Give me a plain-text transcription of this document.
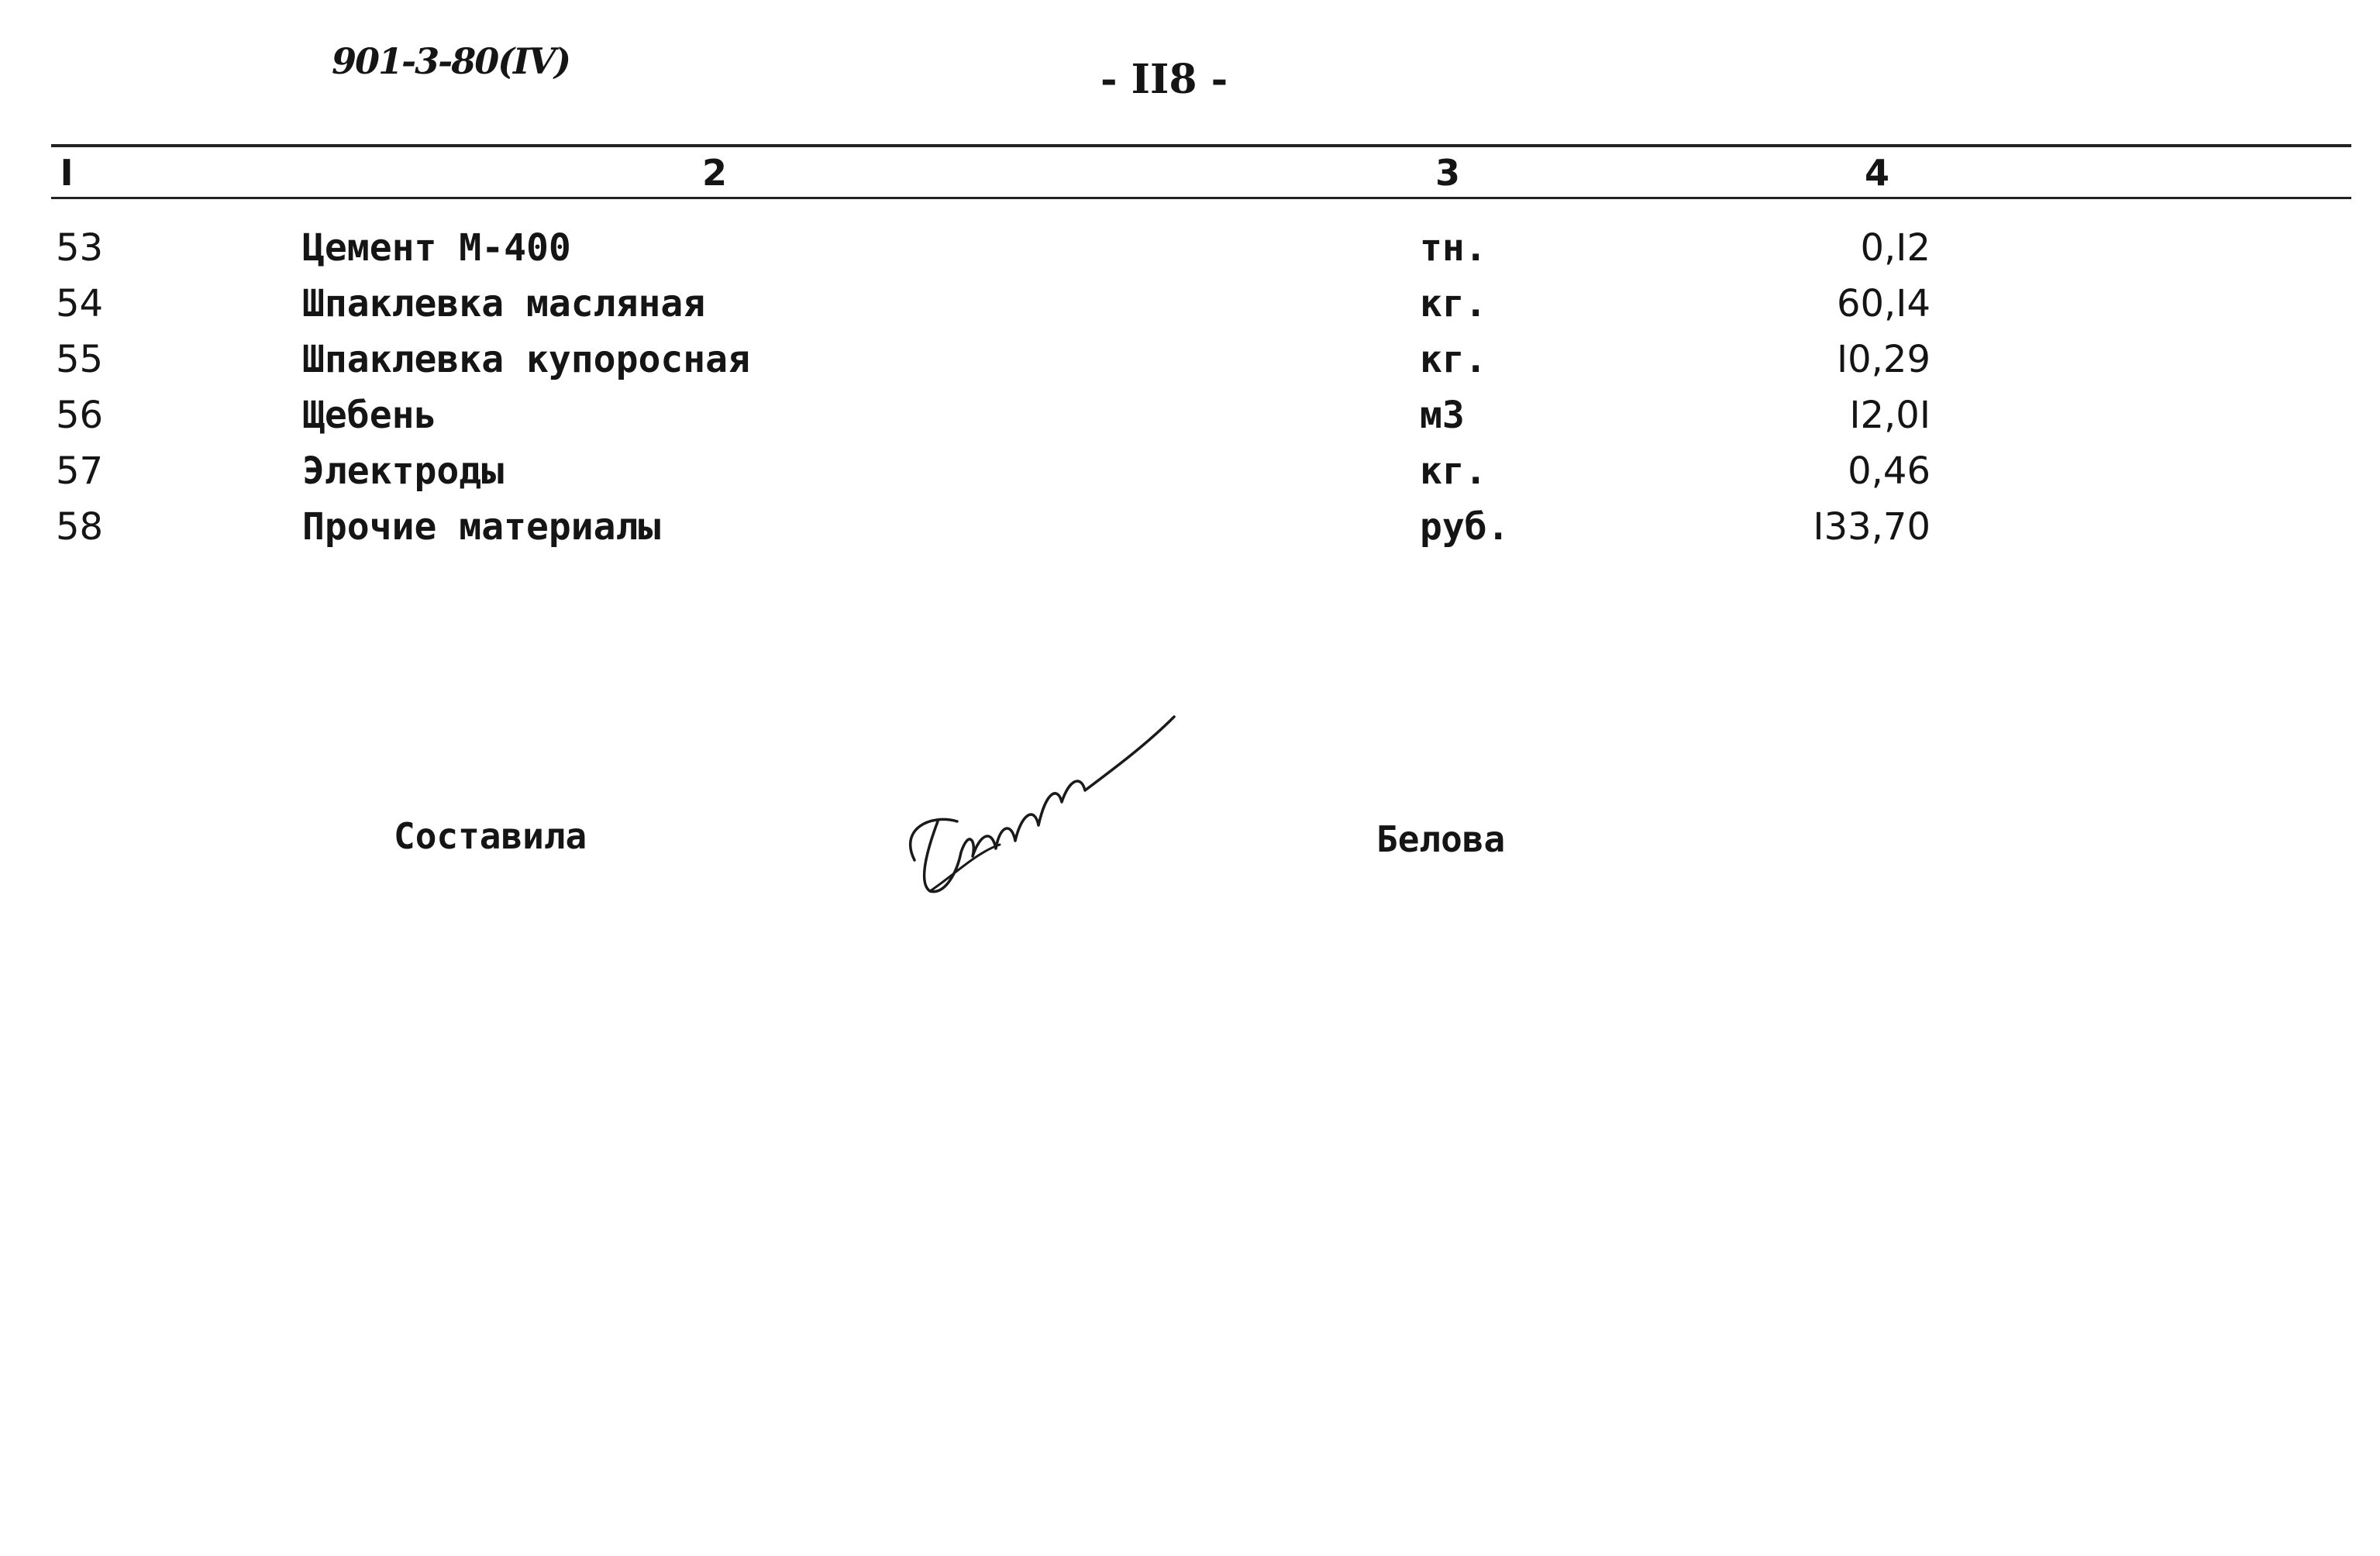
901-3-80(IV)	- II8 -
I	2	3	4
53	Цемент М-400	тн.	0,I2
54	Шпаклевка масляная	кг.	60,I4
55	Шпаклевка купоросная	кг.	I0,29
56	Щебень	м3	I2,0I
57	Электроды	кг.	0,46
58	Прочие материалы	руб.	I33,70
Составила	Белова
